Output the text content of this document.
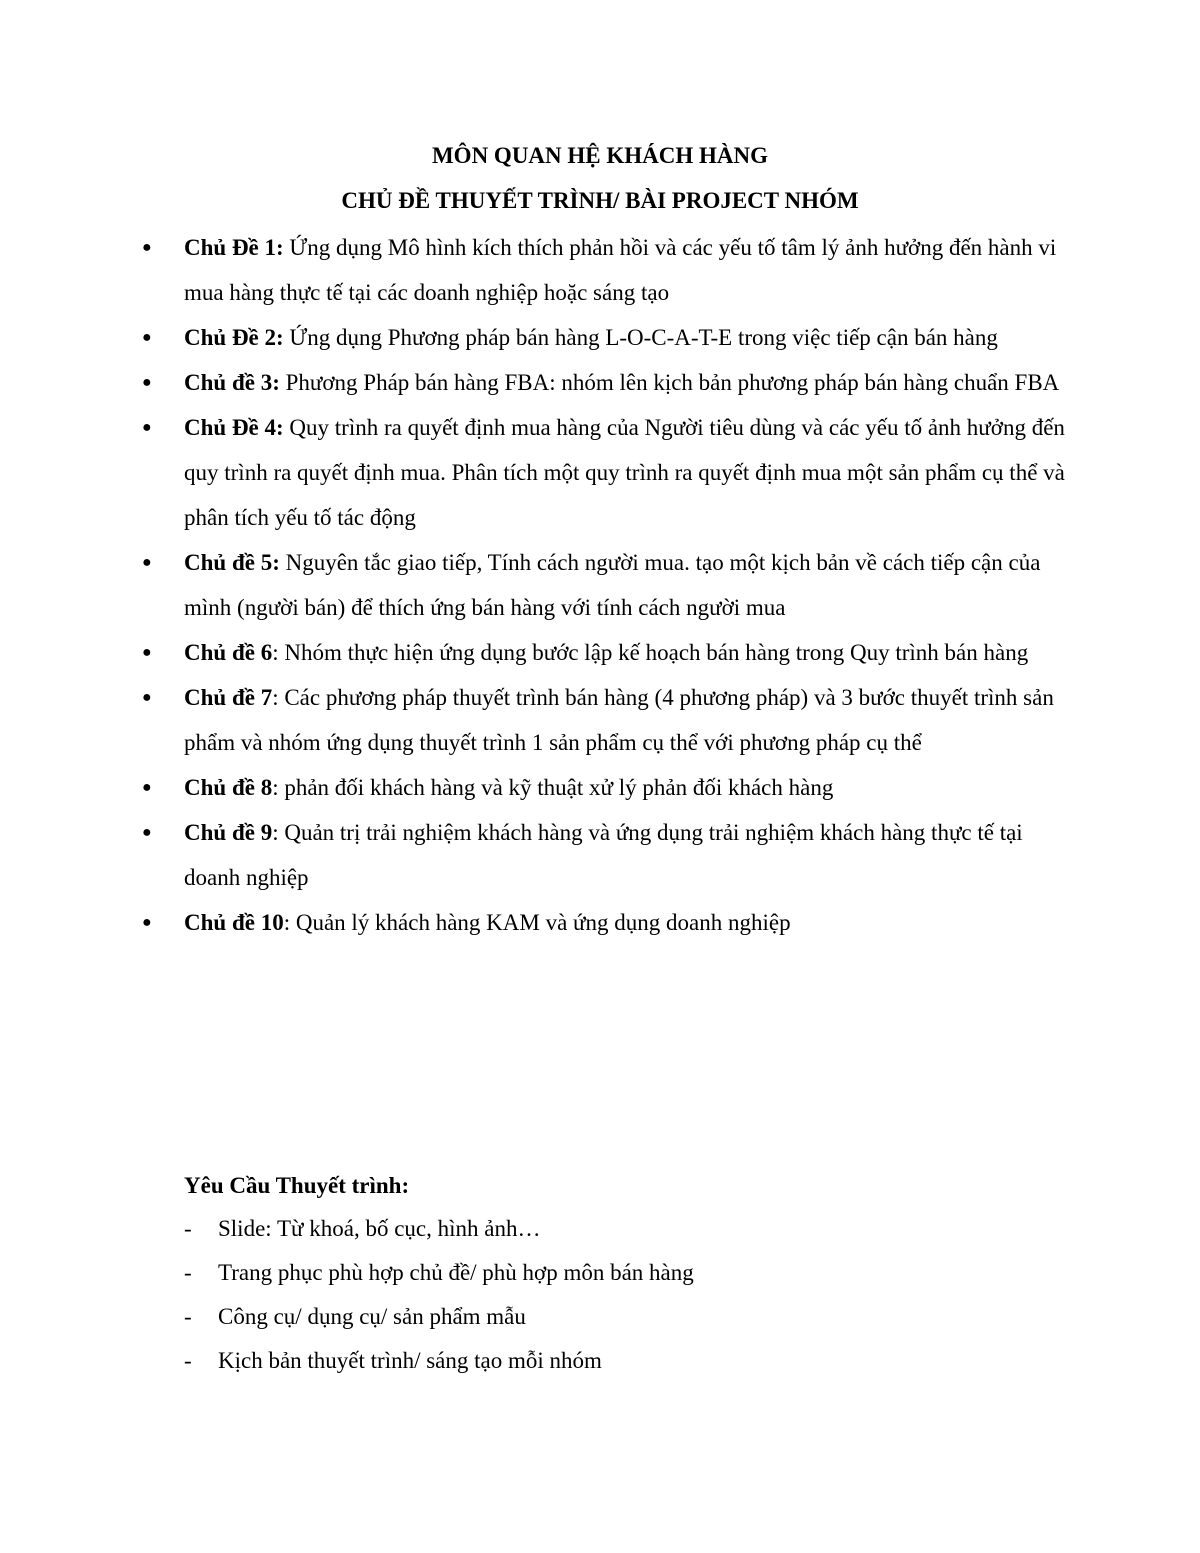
MÔN QUAN HỆ KHÁCH HÀNG
CHỦ ĐỀ THUYẾT TRÌNH/ BÀI PROJECT NHÓM
●	Chủ Đề 1: Ứng dụng Mô hình kích thích phản hồi và các yếu tố tâm lý ảnh hưởng đến hành vi mua hàng thực tế tại các doanh nghiệp hoặc sáng tạo
●	Chủ Đề 2: Ứng dụng Phương pháp bán hàng L-O-C-A-T-E trong việc tiếp cận bán hàng
●	Chủ đề 3: Phương Pháp bán hàng FBA: nhóm lên kịch bản phương pháp bán hàng chuẩn FBA
●	Chủ Đề 4: Quy trình ra quyết định mua hàng của Người tiêu dùng và các yếu tố ảnh hưởng đến quy trình ra quyết định mua. Phân tích một quy trình ra quyết định mua một sản phẩm cụ thể và phân tích yếu tố tác động
●	Chủ đề 5: Nguyên tắc giao tiếp, Tính cách người mua. tạo một kịch bản về cách tiếp cận của mình (người bán) để thích ứng bán hàng với tính cách người mua
●	Chủ đề 6: Nhóm thực hiện ứng dụng bước lập kế hoạch bán hàng trong Quy trình bán hàng
●	Chủ đề 7: Các phương pháp thuyết trình bán hàng (4 phương pháp) và 3 bước thuyết trình sản phẩm và nhóm ứng dụng thuyết trình 1 sản phẩm cụ thể với phương pháp cụ thể
●	Chủ đề 8: phản đối khách hàng và kỹ thuật xử lý phản đối khách hàng
●	Chủ đề 9: Quản trị trải nghiệm khách hàng và ứng dụng trải nghiệm khách hàng thực tế tại doanh nghiệp
●	Chủ đề 10: Quản lý khách hàng KAM và ứng dụng doanh nghiệp
Yêu Cầu Thuyết trình:
- Slide: Từ khoá, bố cục, hình ảnh…
- Trang phục phù hợp chủ đề/ phù hợp môn bán hàng
- Công cụ/ dụng cụ/ sản phẩm mẫu
- Kịch bản thuyết trình/ sáng tạo mỗi nhóm
